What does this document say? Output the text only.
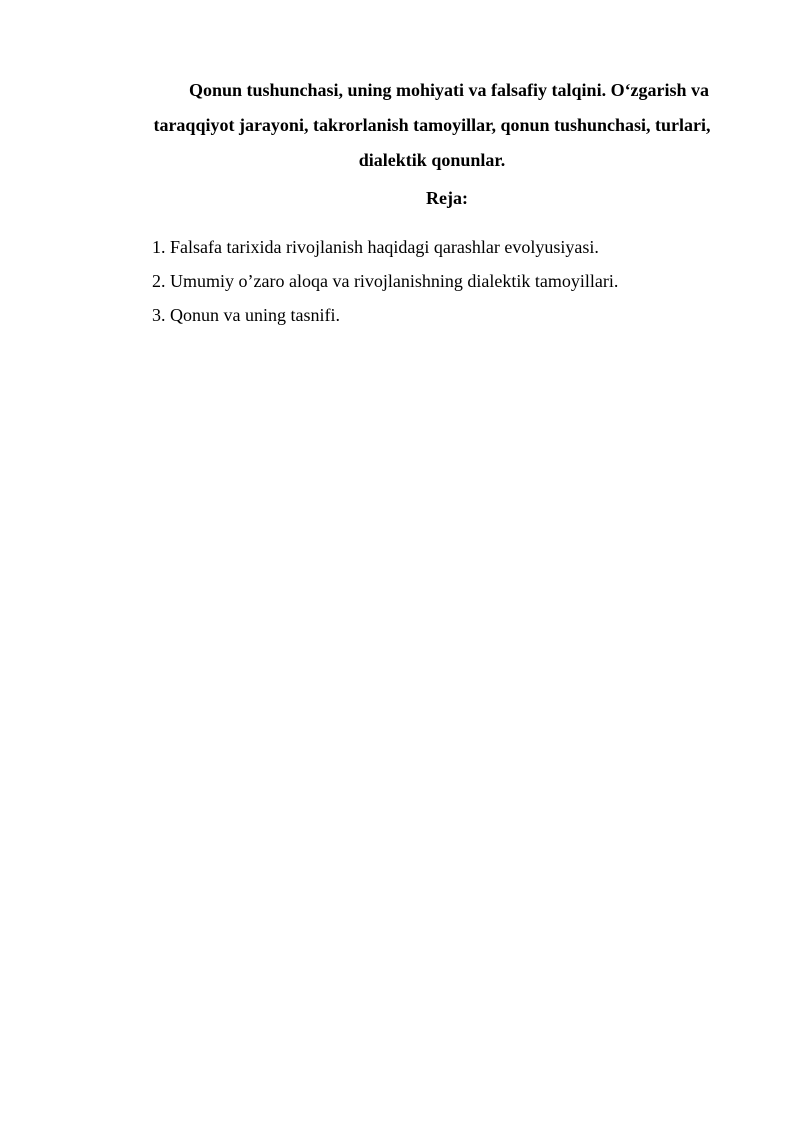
Qonun tushunchasi, uning mohiyati va falsafiy talqini. O‘zgarish va
taraqqiyot jarayoni, takrorlanish tamoyillar, qonun tushunchasi, turlari,
dialektik qonunlar.
Reja:
1. Falsafa tarixida rivojlanish haqidagi qarashlar evolyusiyasi.
2. Umumiy o’zaro aloqa va rivojlanishning dialektik tamoyillari.
3. Qonun va uning tasnifi.
